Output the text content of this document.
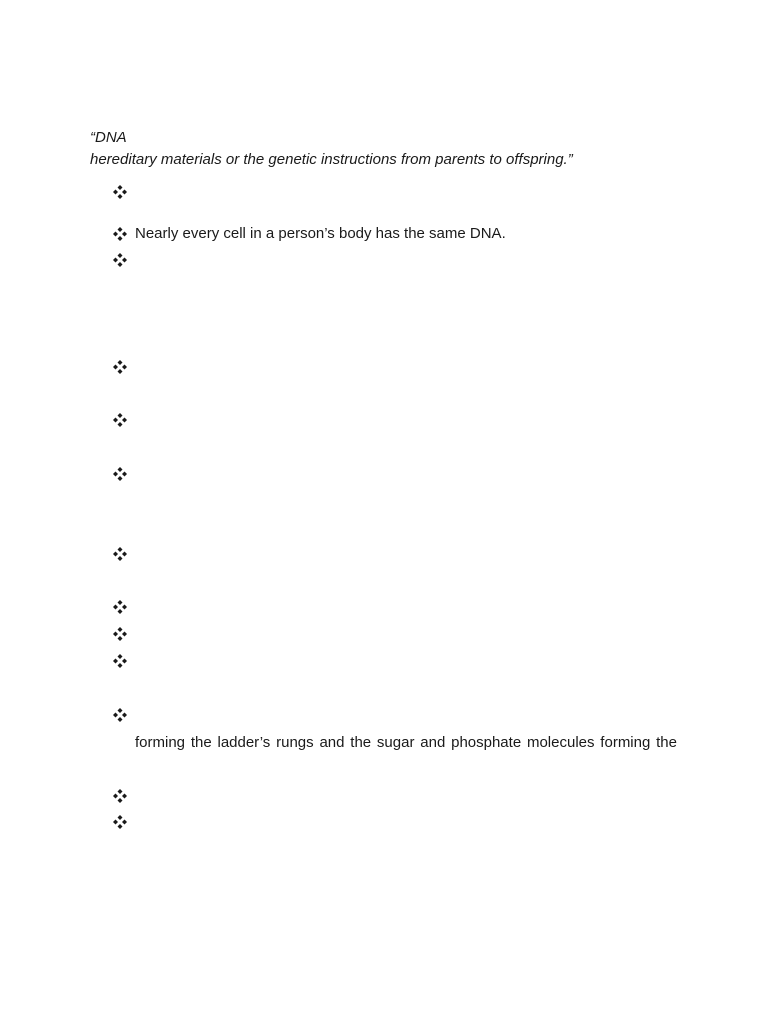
“DNA
hereditary materials or the genetic instructions from parents to offspring.”
Nearly every cell in a person’s body has the same DNA.
forming the ladder’s rungs and the sugar and phosphate molecules forming the
